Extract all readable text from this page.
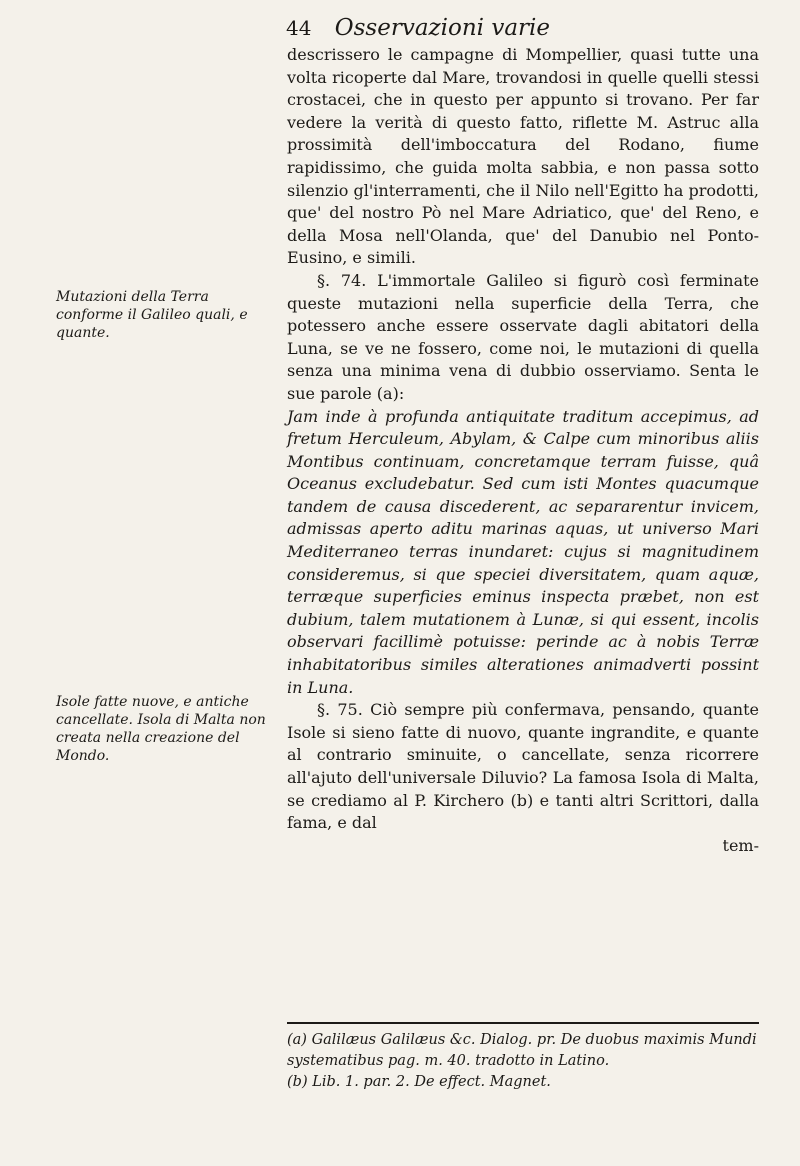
44 Osservazioni varie
Mutazioni della Terra conforme il Galileo quali, e quante.
Isole fatte nuove, e antiche cancellate. Isola di Malta non creata nella creazione del Mondo.

descrissero le campagne di Mompellier, quasi tutte una volta ricoperte dal Mare, trovandosi in quelle quelli stessi crostacei, che in questo per appunto si trovano. Per far vedere la verità di questo fatto, riflette M. Astruc alla prossimità dell'imboccatura del Rodano, fiume rapidissimo, che guida molta sabbia, e non passa sotto silenzio gl'interramenti, che il Nilo nell'Egitto ha prodotti, que' del nostro Pò nel Mare Adriatico, que' del Reno, e della Mosa nell'Olanda, que' del Danubio nel Ponto-Eusino, e simili.

§. 74. L'immortale Galileo si figurò così ferminate queste mutazioni nella superficie della Terra, che potessero anche essere osservate dagli abitatori della Luna, se ve ne fossero, come noi, le mutazioni di quella senza una minima vena di dubbio osserviamo. Senta le sue parole (a):

Jam inde à profunda antiquitate traditum accepimus, ad fretum Herculeum, Abylam, & Calpe cum minoribus aliis Montibus continuam, concretamque terram fuisse, quâ Oceanus excludebatur. Sed cum isti Montes quacumque tandem de causa discederent, ac separarentur invicem, admissas aperto aditu marinas aquas, ut universo Mari Mediterraneo terras inundaret: cujus si magnitudinem consideremus, si que speciei diversitatem, quam aquæ, terræque superficies eminus inspecta præbet, non est dubium, talem mutationem à Lunæ, si qui essent, incolis observari facillimè potuisse: perinde ac à nobis Terræ inhabitatoribus similes alterationes animadverti possint in Luna.

§. 75. Ciò sempre più confermava, pensando, quante Isole si sieno fatte di nuovo, quante ingrandite, e quante al contrario sminuite, o cancellate, senza ricorrere all'ajuto dell'universale Diluvio? La famosa Isola di Malta, se crediamo al P. Kirchero (b) e tanti altri Scrittori, dalla fama, e dal

tem-

(a) Galilæus Galilæus &c. Dialog. pr. De duobus maximis Mundi systematibus pag. m. 40. tradotto in Latino.

(b) Lib. 1. par. 2. De effect. Magnet.
